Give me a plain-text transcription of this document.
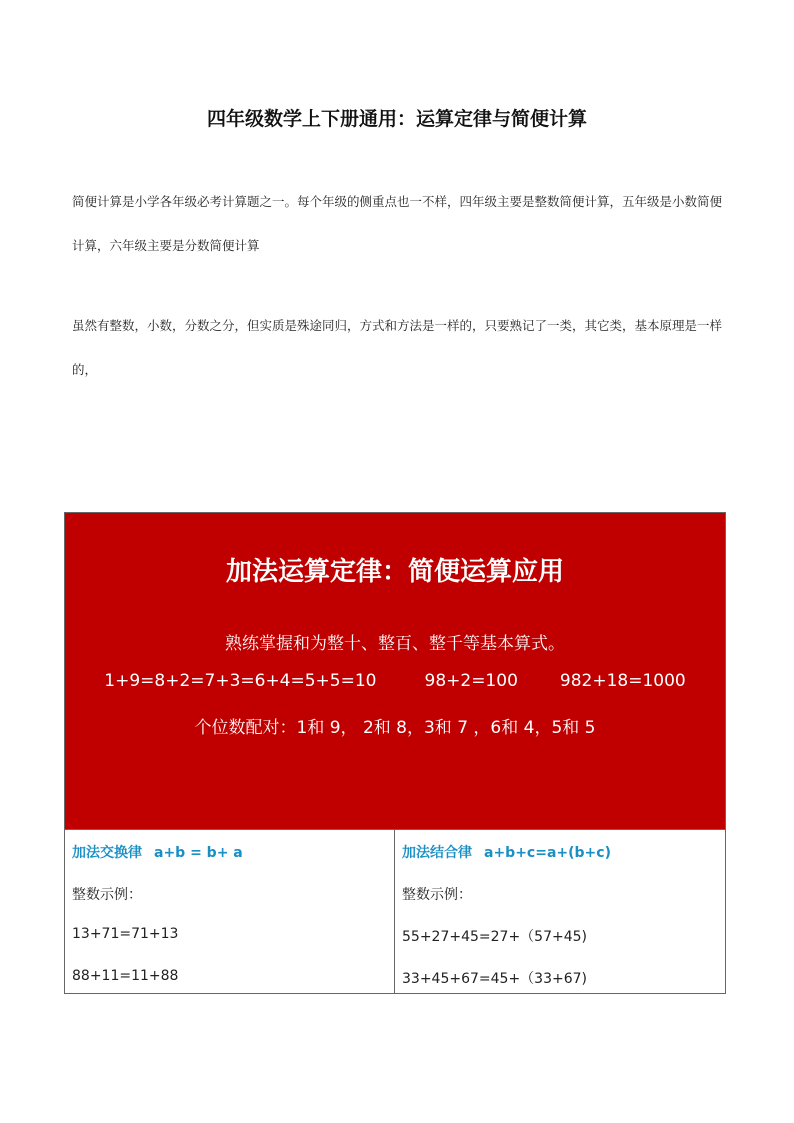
四年级数学上下册通用：运算定律与简便计算

简便计算是小学各年级必考计算题之一。每个年级的侧重点也一不样，四年级主要是整数简便计算，五年级是小数简便计算，六年级主要是分数简便计算

虽然有整数，小数，分数之分，但实质是殊途同归，方式和方法是一样的，只要熟记了一类，其它类，基本原理是一样的，

加法运算定律：简便运算应用

熟练掌握和为整十、整百、整千等基本算式。

1+9=8+2=7+3=6+4=5+5=10	98+2=100 982+18=1000

个位数配对：1和 9， 2和 8，3和 7 ，6和 4，5和 5

加法交换律 a+b = b+ a

整数示例：

13+71=71+13

88+11=11+88

加法结合律 a+b+c=a+(b+c)

整数示例：

55+27+45=27+（57+45)

33+45+67=45+（33+67)
